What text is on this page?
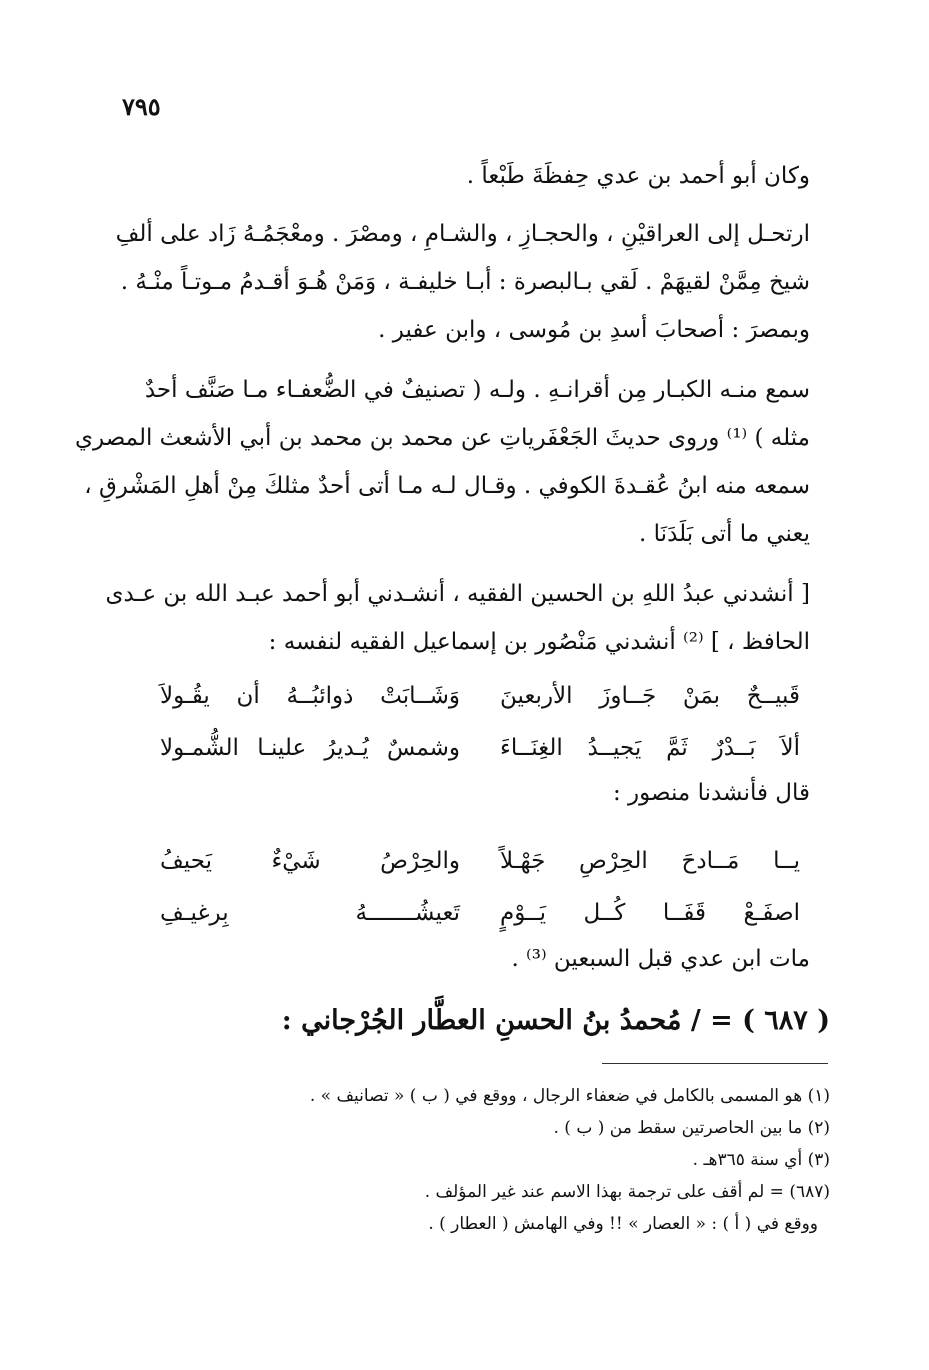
٧٩٥
وكان أبو أحمد بن عدي حِفظَةَ طَبْعاً .
ارتحـل إلى العراقيْنِ ، والحجـازِ ، والشـامِ ، ومصْرَ . ومعْجَمُـهُ زَاد على ألفِ
شيخ مِمَّنْ لقيهَمْ . لَقي بـالبصرة : أبـا خليفـة ، وَمَنْ هُـوَ أقـدمُ مـوتـاً منْـهُ .
وبمصرَ : أصحابَ أسدِ بن مُوسى ، وابن عفير .
سمع منـه الكبـار مِن أقرانـهِ . ولـه ( تصنيفٌ في الضُّعفـاء مـا صَنَّف أحدٌ
مثله ) ⁽¹⁾ وروى حديثَ الجَعْفَرياتِ عن محمد بن محمد بن أبي الأشعث المصري
سمعه منه ابنُ عُقـدةَ الكوفي . وقـال لـه مـا أتى أحدٌ مثلكَ مِنْ أهلِ المَشْرقِ ،
يعني ما أتى بَلَدَنَا .
[ أنشدني عبدُ اللهِ بن الحسين الفقيه ، أنشـدني أبو أحمد عبـد الله بن عـدى
الحافظ ، ] ⁽²⁾ أنشدني مَنْصُور بن إسماعيل الفقيه لنفسه :
قَبيــحٌ بمَنْ جَــاوزَ الأربعينَ
وَشَــابَتْ ذوائبُــهُ أن يقُـولاَ
ألاَ بَــدْرٌ ثَمَّ يَجيــدُ الغِنَــاءَ
وشمسٌ يُـديرُ علينـا الشُّمـولا
قال فأنشدنا منصور :
يــا مَــادحَ الحِرْصِ جَهْـلاً
والحِرْصُ شَيْءٌ يَحيفُ
اصفَـعْ قَفَــا كُــل يَــوْمٍ
تَعيشُـــــــهُ بِرغيـفِ
مات ابن عدي قبل السبعين ⁽³⁾ .
( ٦٨٧ ) = / مُحمدُ بنُ الحسنِ العطَّار الجُرْجاني :
(١) هو المسمى بالكامل في ضعفاء الرجال ، ووقع في ( ب ) « تصانيف » .
(٢) ما بين الحاصرتين سقط من ( ب ) .
(٣) أي سنة ٣٦٥هـ .
(٦٨٧) = لم أقف على ترجمة بهذا الاسم عند غير المؤلف .
ووقع في ( أ ) : « العصار » !! وفي الهامش ( العطار ) .
